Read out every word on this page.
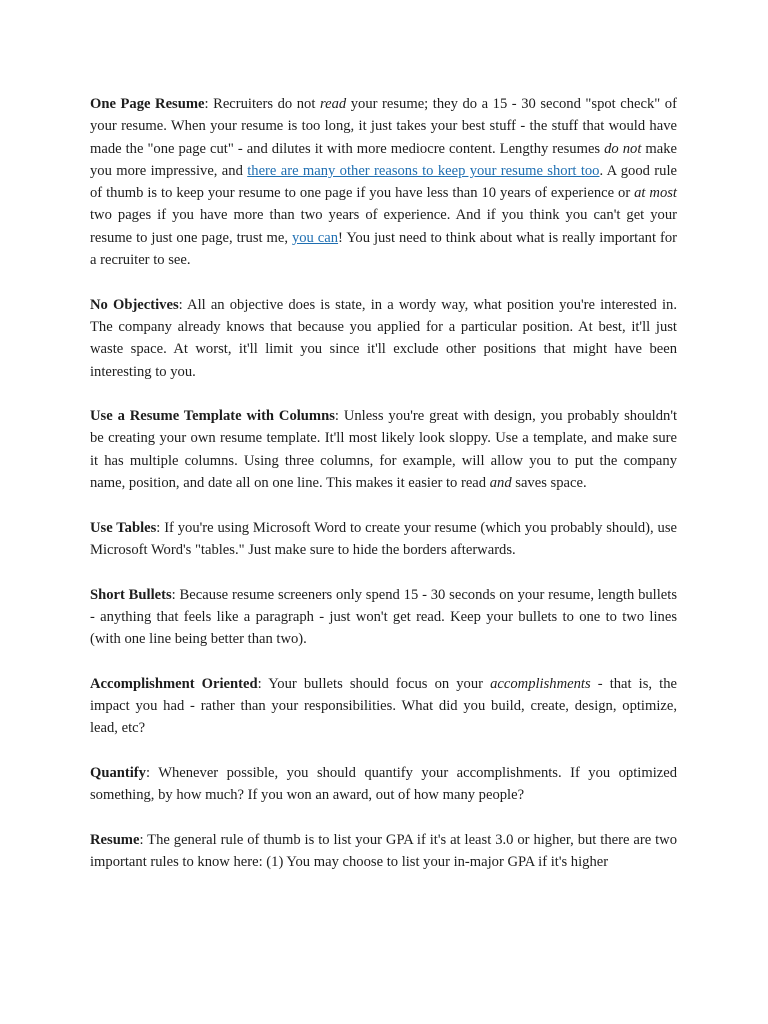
One Page Resume: Recruiters do not read your resume; they do a 15 - 30 second "spot check" of your resume. When your resume is too long, it just takes your best stuff - the stuff that would have made the "one page cut" - and dilutes it with more mediocre content. Lengthy resumes do not make you more impressive, and there are many other reasons to keep your resume short too. A good rule of thumb is to keep your resume to one page if you have less than 10 years of experience or at most two pages if you have more than two years of experience. And if you think you can't get your resume to just one page, trust me, you can! You just need to think about what is really important for a recruiter to see.

No Objectives: All an objective does is state, in a wordy way, what position you're interested in. The company already knows that because you applied for a particular position. At best, it'll just waste space. At worst, it'll limit you since it'll exclude other positions that might have been interesting to you.

Use a Resume Template with Columns: Unless you're great with design, you probably shouldn't be creating your own resume template. It'll most likely look sloppy. Use a template, and make sure it has multiple columns. Using three columns, for example, will allow you to put the company name, position, and date all on one line. This makes it easier to read and saves space.

Use Tables: If you're using Microsoft Word to create your resume (which you probably should), use Microsoft Word's "tables." Just make sure to hide the borders afterwards.

Short Bullets: Because resume screeners only spend 15 - 30 seconds on your resume, length bullets - anything that feels like a paragraph - just won't get read. Keep your bullets to one to two lines (with one line being better than two).

Accomplishment Oriented: Your bullets should focus on your accomplishments - that is, the impact you had - rather than your responsibilities. What did you build, create, design, optimize, lead, etc?

Quantify: Whenever possible, you should quantify your accomplishments. If you optimized something, by how much? If you won an award, out of how many people?

Resume: The general rule of thumb is to list your GPA if it's at least 3.0 or higher, but there are two important rules to know here: (1) You may choose to list your in-major GPA if it's higher
